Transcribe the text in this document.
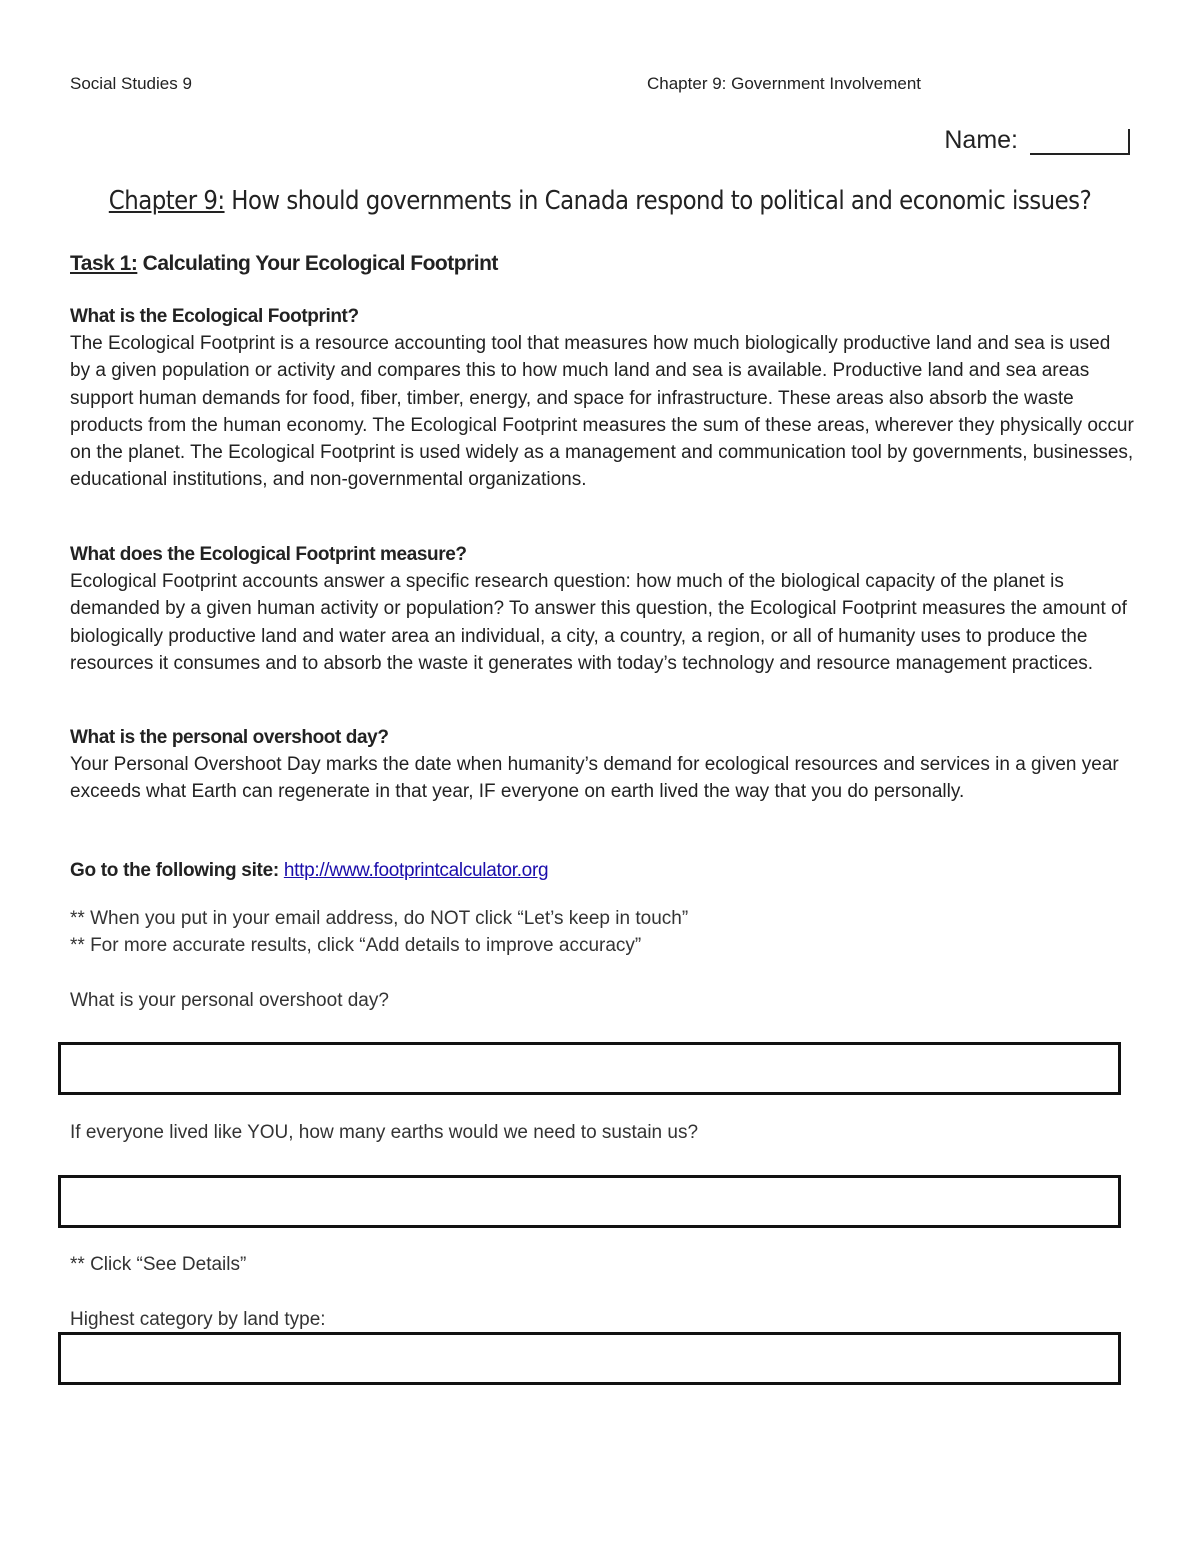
Social Studies 9	Chapter 9: Government Involvement
Name:
Chapter 9: How should governments in Canada respond to political and economic issues?
Task 1: Calculating Your Ecological Footprint
What is the Ecological Footprint?

The Ecological Footprint is a resource accounting tool that measures how much biologically productive land and sea is used by a given population or activity and compares this to how much land and sea is available. Productive land and sea areas support human demands for food, fiber, timber, energy, and space for infrastructure. These areas also absorb the waste products from the human economy. The Ecological Footprint measures the sum of these areas, wherever they physically occur on the planet. The Ecological Footprint is used widely as a management and communication tool by governments, businesses, educational institutions, and non-governmental organizations.

What does the Ecological Footprint measure?

Ecological Footprint accounts answer a specific research question: how much of the biological capacity of the planet is demanded by a given human activity or population? To answer this question, the Ecological Footprint measures the amount of biologically productive land and water area an individual, a city, a country, a region, or all of humanity uses to produce the resources it consumes and to absorb the waste it generates with today’s technology and resource management practices.

What is the personal overshoot day?

Your Personal Overshoot Day marks the date when humanity’s demand for ecological resources and services in a given year exceeds what Earth can regenerate in that year, IF everyone on earth lived the way that you do personally.

Go to the following site: http://www.footprintcalculator.org
** When you put in your email address, do NOT click “Let’s keep in touch”
** For more accurate results, click “Add details to improve accuracy”
What is your personal overshoot day?
If everyone lived like YOU, how many earths would we need to sustain us?
** Click “See Details”
Highest category by land type:
